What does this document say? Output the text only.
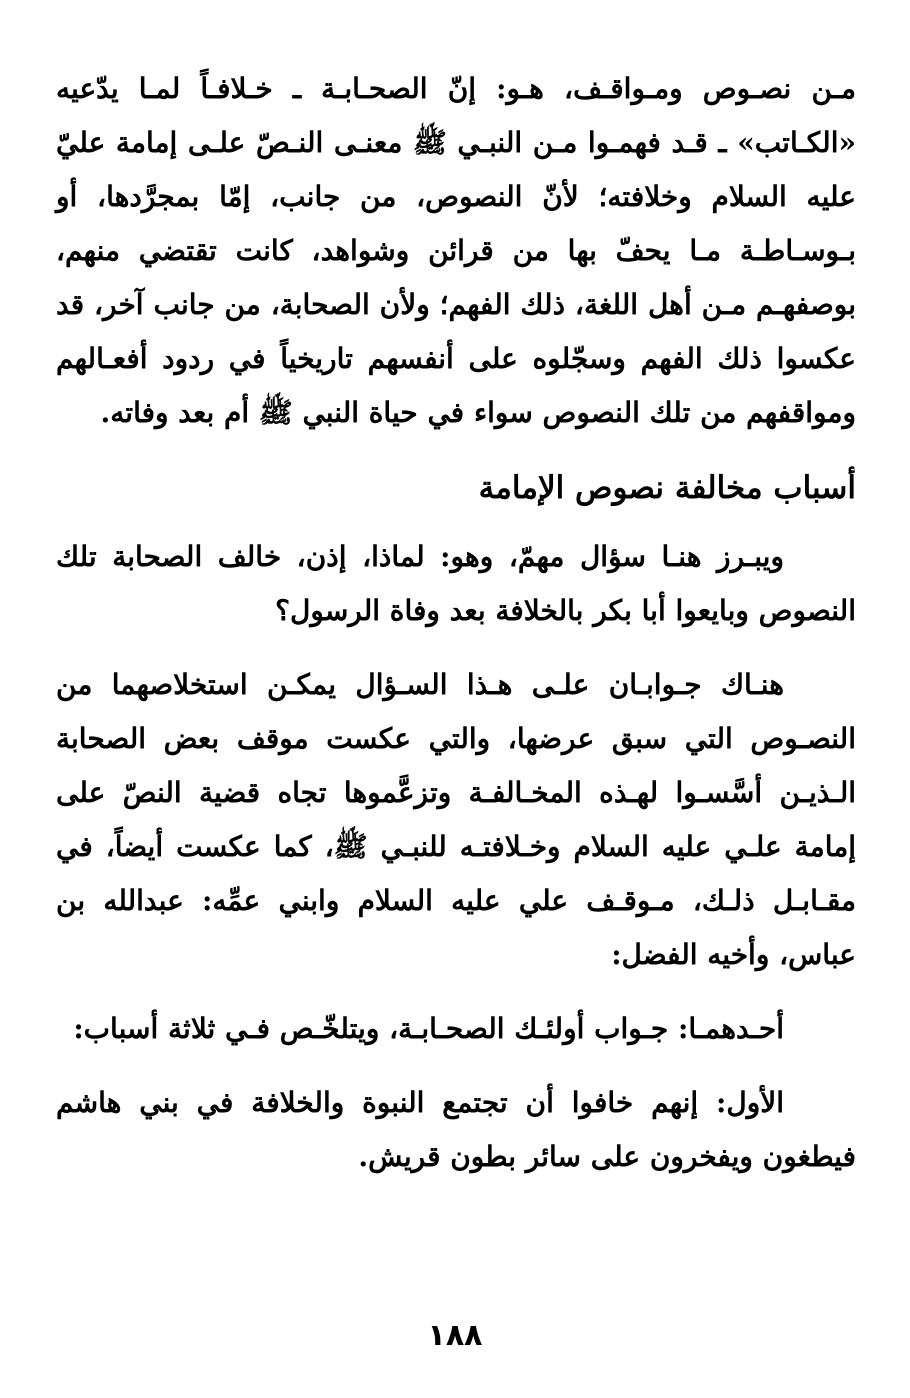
مـن نصـوص ومـواقـف، هـو: إنّ الصحـابـة ـ خـلافـاً لمـا يدّعيه «الكـاتب» ـ قـد فهمـوا مـن النبـي ﷺ معنـى النـصّ علـى إمامة عليّ عليه السلام وخلافته؛ لأنّ النصوص، من جانب، إمّا بمجرَّدها، أو بـوسـاطـة مـا يحفّ بها من قرائن وشواهد، كانت تقتضي منهم، بوصفهـم مـن أهل اللغة، ذلك الفهم؛ ولأن الصحابة، من جانب آخر، قد عكسوا ذلك الفهم وسجّلوه على أنفسهم تاريخياً في ردود أفعـالهم ومواقفهم من تلك النصوص سواء في حياة النبي ﷺ أم بعد وفاته.

أسباب مخالفة نصوص الإمامة

ويبـرز هنـا سؤال مهمّ، وهو: لماذا، إذن، خالف الصحابة تلك النصوص وبايعوا أبا بكر بالخلافة بعد وفاة الرسول؟

هنـاك جـوابـان علـى هـذا السـؤال يمكـن استخلاصهما من النصـوص التي سبق عرضها، والتي عكست موقف بعض الصحابة الـذيـن أسَّسـوا لهـذه المخـالفـة وتزعَّموها تجاه قضية النصّ على إمامة علـي عليه السلام وخـلافتـه للنبـي ﷺ، كما عكست أيضاً، في مقـابـل ذلـك، مـوقـف علي عليه السلام وابني عمِّه: عبدالله بن عباس، وأخيه الفضل:

أحـدهمـا: جـواب أولئـك الصحـابـة، ويتلخّـص فـي ثلاثة أسباب:

الأول: إنهم خافوا أن تجتمع النبوة والخلافة في بني هاشم فيطغون ويفخرون على سائر بطون قريش.

١٨٨
